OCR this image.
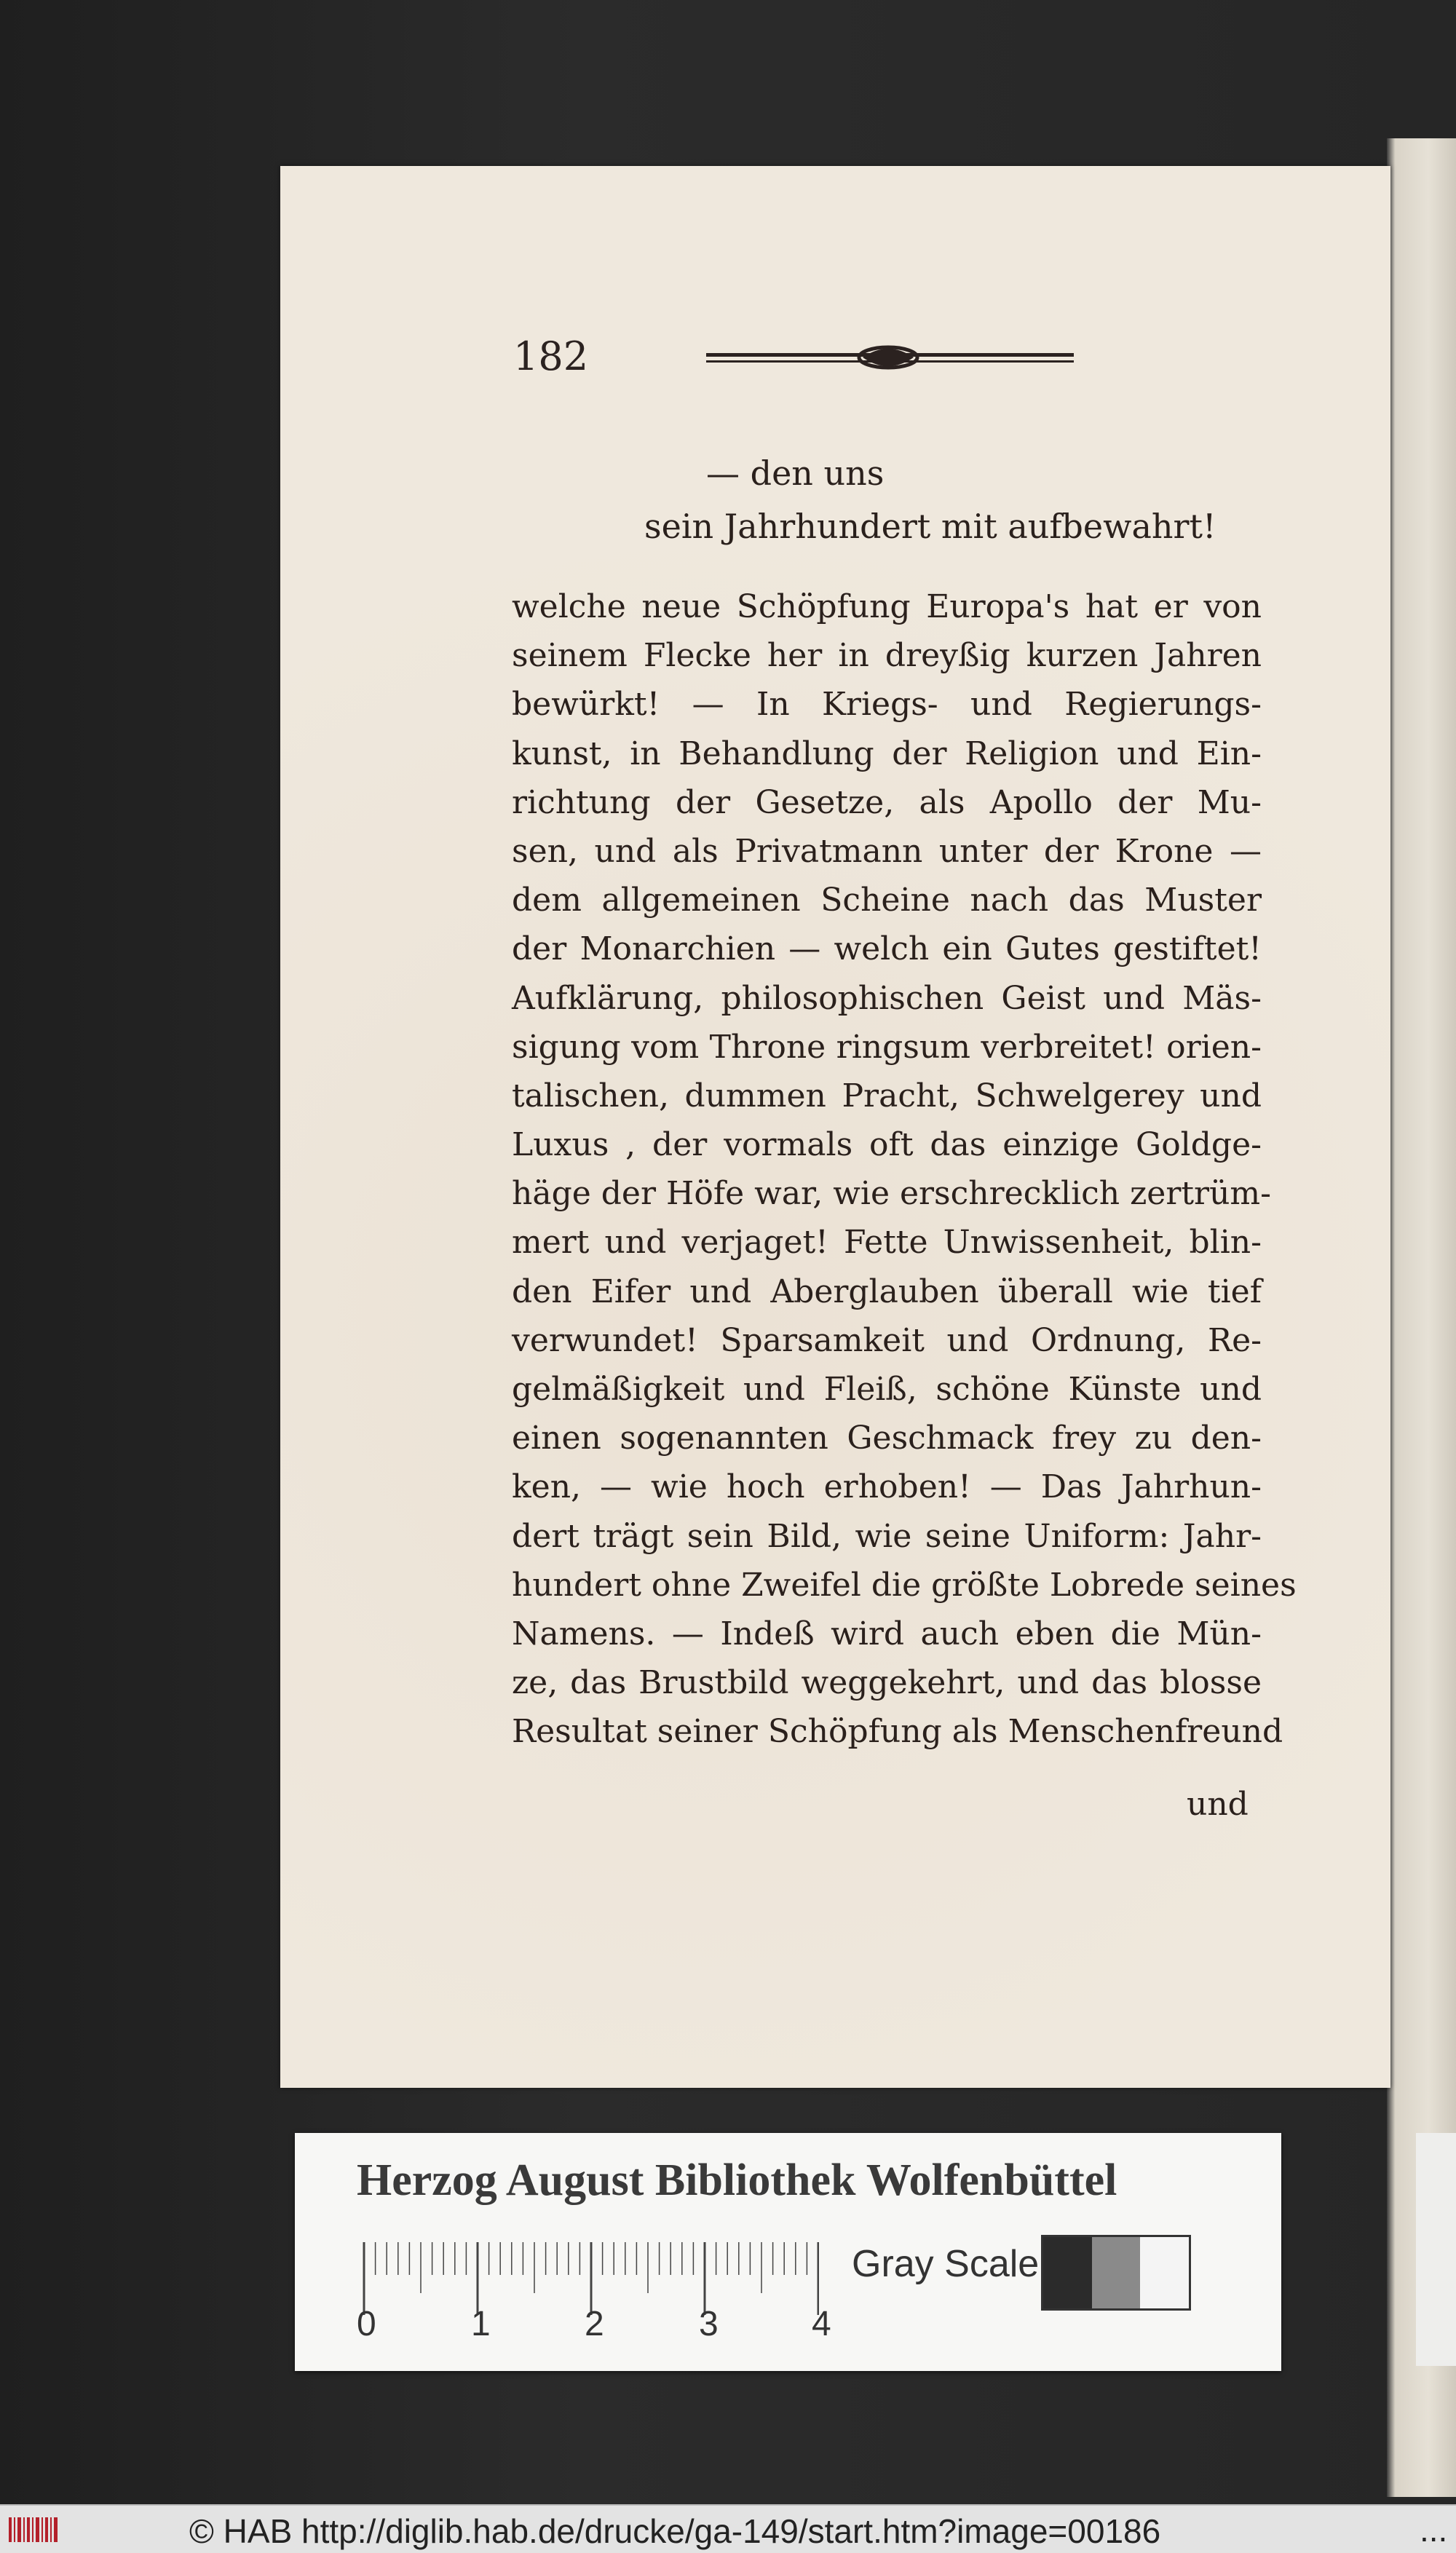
182
— den uns
sein Jahrhundert mit aufbewahrt!
welche neue Schöpfung Europa's hat er von
seinem Flecke her in dreyßig kurzen Jahren
bewürkt! — In Kriegs- und Regierungs-
kunst, in Behandlung der Religion und Ein-
richtung der Gesetze, als Apollo der Mu-
sen, und als Privatmann unter der Krone —
dem allgemeinen Scheine nach das Muster
der Monarchien — welch ein Gutes gestiftet!
Aufklärung, philosophischen Geist und Mäs-
sigung vom Throne ringsum verbreitet! orien-
talischen, dummen Pracht, Schwelgerey und
Luxus , der vormals oft das einzige Goldge-
häge der Höfe war, wie erschrecklich zertrüm-
mert und verjaget! Fette Unwissenheit, blin-
den Eifer und Aberglauben überall wie tief
verwundet! Sparsamkeit und Ordnung, Re-
gelmäßigkeit und Fleiß, schöne Künste und
einen sogenannten Geschmack frey zu den-
ken, — wie hoch erhoben! — Das Jahrhun-
dert trägt sein Bild, wie seine Uniform: Jahr-
hundert ohne Zweifel die größte Lobrede seines
Namens. — Indeß wird auch eben die Mün-
ze, das Brustbild weggekehrt, und das blosse
Resultat seiner Schöpfung als Menschenfreund
und
Herzog August Bibliothek Wolfenbüttel
0	1	2	3	4
Gray Scale
© HAB http://diglib.hab.de/drucke/ga-149/start.htm?image=00186	...
